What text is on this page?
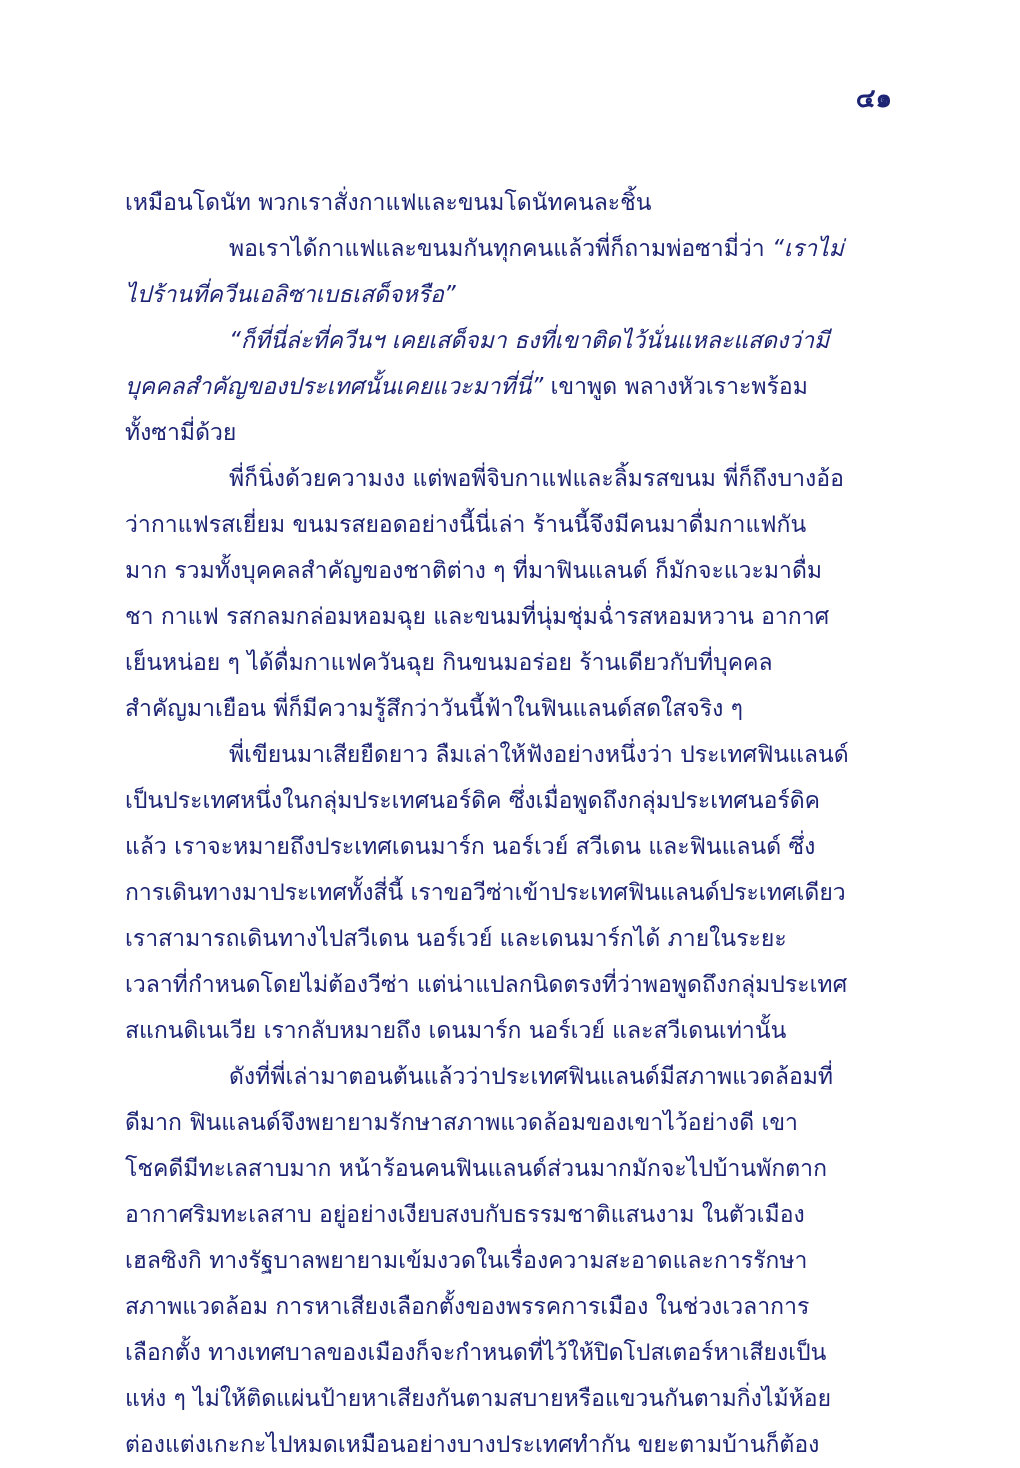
๔๑
เหมือนโดนัท พวกเราสั่งกาแฟและขนมโดนัทคนละชิ้น
พอเราได้กาแฟและขนมกันทุกคนแล้วพี่ก็ถามพ่อซามี่ว่า “เราไม่
ไปร้านที่ควีนเอลิซาเบธเสด็จหรือ”
“ก็ที่นี่ล่ะที่ควีนฯ เคยเสด็จมา ธงที่เขาติดไว้นั่นแหละแสดงว่ามี
บุคคลสำคัญของประเทศนั้นเคยแวะมาที่นี่” เขาพูด พลางหัวเราะพร้อม
ทั้งซามี่ด้วย
พี่ก็นิ่งด้วยความงง แต่พอพี่จิบกาแฟและลิ้มรสขนม พี่ก็ถึงบางอ้อ
ว่ากาแฟรสเยี่ยม ขนมรสยอดอย่างนี้นี่เล่า ร้านนี้จึงมีคนมาดื่มกาแฟกัน
มาก รวมทั้งบุคคลสำคัญของชาติต่าง ๆ ที่มาฟินแลนด์ ก็มักจะแวะมาดื่ม
ชา กาแฟ รสกลมกล่อมหอมฉุย และขนมที่นุ่มชุ่มฉ่ำรสหอมหวาน อากาศ
เย็นหน่อย ๆ ได้ดื่มกาแฟควันฉุย กินขนมอร่อย ร้านเดียวกับที่บุคคล
สำคัญมาเยือน พี่ก็มีความรู้สึกว่าวันนี้ฟ้าในฟินแลนด์สดใสจริง ๆ
พี่เขียนมาเสียยืดยาว ลืมเล่าให้ฟังอย่างหนึ่งว่า ประเทศฟินแลนด์
เป็นประเทศหนึ่งในกลุ่มประเทศนอร์ดิค ซึ่งเมื่อพูดถึงกลุ่มประเทศนอร์ดิค
แล้ว เราจะหมายถึงประเทศเดนมาร์ก นอร์เวย์ สวีเดน และฟินแลนด์ ซึ่ง
การเดินทางมาประเทศทั้งสี่นี้ เราขอวีซ่าเข้าประเทศฟินแลนด์ประเทศเดียว
เราสามารถเดินทางไปสวีเดน นอร์เวย์ และเดนมาร์กได้ ภายในระยะ
เวลาที่กำหนดโดยไม่ต้องวีซ่า แต่น่าแปลกนิดตรงที่ว่าพอพูดถึงกลุ่มประเทศ
สแกนดิเนเวีย เรากลับหมายถึง เดนมาร์ก นอร์เวย์ และสวีเดนเท่านั้น
ดังที่พี่เล่ามาตอนต้นแล้วว่าประเทศฟินแลนด์มีสภาพแวดล้อมที่
ดีมาก ฟินแลนด์จึงพยายามรักษาสภาพแวดล้อมของเขาไว้อย่างดี เขา
โชคดีมีทะเลสาบมาก หน้าร้อนคนฟินแลนด์ส่วนมากมักจะไปบ้านพักตาก
อากาศริมทะเลสาบ อยู่อย่างเงียบสงบกับธรรมชาติแสนงาม ในตัวเมือง
เฮลซิงกิ ทางรัฐบาลพยายามเข้มงวดในเรื่องความสะอาดและการรักษา
สภาพแวดล้อม การหาเสียงเลือกตั้งของพรรคการเมือง ในช่วงเวลาการ
เลือกตั้ง ทางเทศบาลของเมืองก็จะกำหนดที่ไว้ให้ปิดโปสเตอร์หาเสียงเป็น
แห่ง ๆ ไม่ให้ติดแผ่นป้ายหาเสียงกันตามสบายหรือแขวนกันตามกิ่งไม้ห้อย
ต่องแต่งเกะกะไปหมดเหมือนอย่างบางประเทศทำกัน ขยะตามบ้านก็ต้อง
